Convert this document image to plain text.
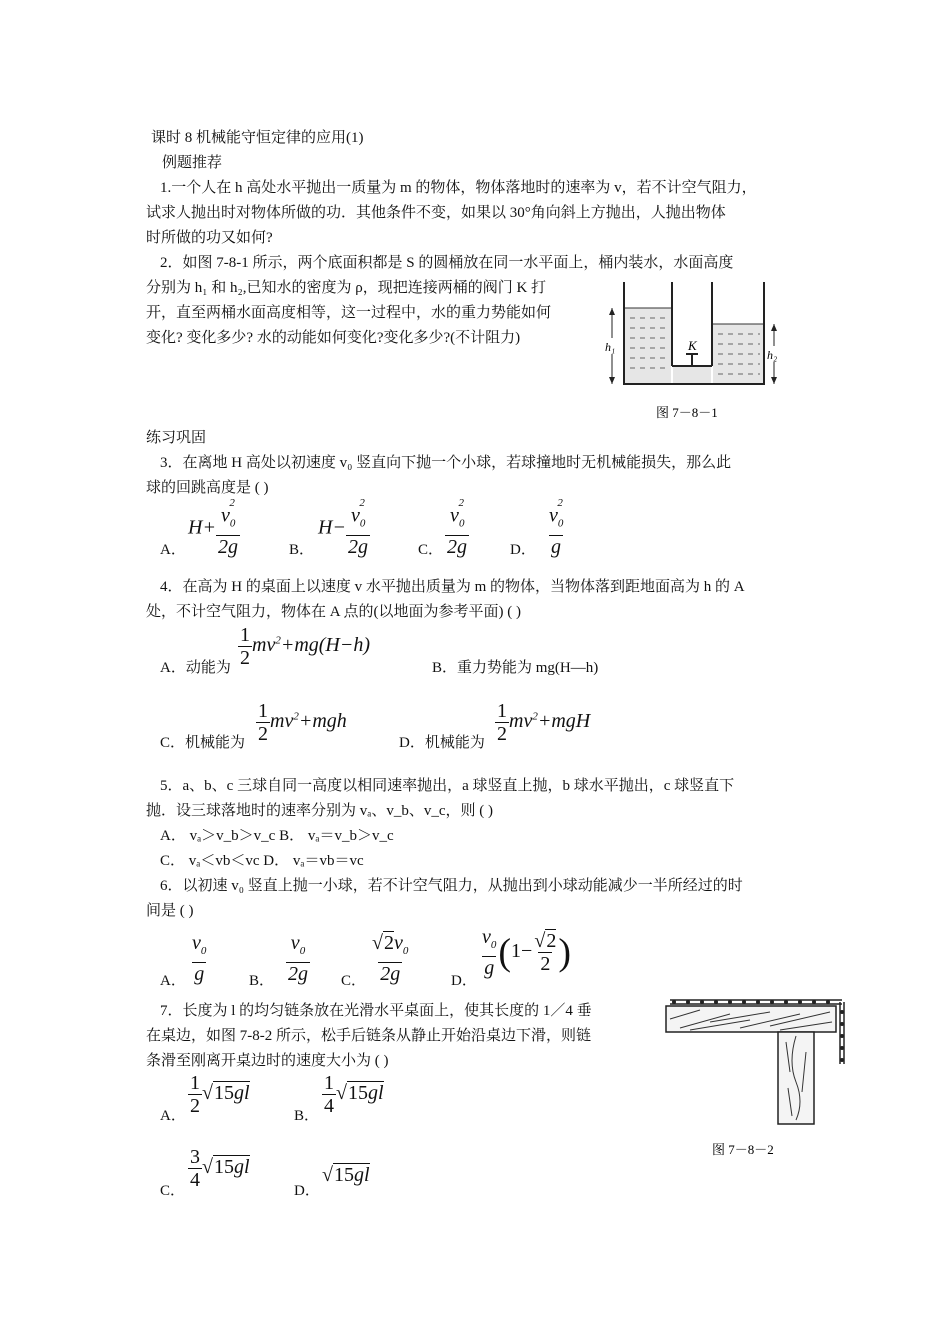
课时 8 机械能守恒定律的应用(1)
例题推荐
1.一个人在 h 高处水平抛出一质量为 m 的物体，物体落地时的速率为 v，若不计空气阻力，
试求人抛出时对物体所做的功．其他条件不变，如果以 30°角向斜上方抛出，人抛出物体
时所做的功又如何?
2．如图 7-8-1 所示，两个底面积都是 S 的圆桶放在同一水平面上，桶内装水，水面高度
分别为 h₁ 和 h₂,已知水的密度为 ρ，现把连接两桶的阀门 K 打
开，直至两桶水面高度相等，这一过程中，水的重力势能如何
变化? 变化多少? 水的动能如何变化?变化多少?(不计阻力)	K
h₁
h₂
图 7－8－1
练习巩固
3．在离地 H 高处以初速度 v₀ 竖直向下抛一个小球，若球撞地时无机械能损失，那么此
球的回跳高度是 ( )
A．
$H+ \frac{v_0^2}{2g}$	B．
$H- \frac{v_0^2}{2g}$	C． $\frac{v_0^2}{2g}$	D． $\frac{v_0^2}{g}$
4．在高为 H 的桌面上以速度 v 水平抛出质量为 m 的物体，当物体落到距地面高为 h 的 A
处，不计空气阻力，物体在 A 点的(以地面为参考平面) ( )
A．动能为 $\frac{1}{2} mv^2+mg(H-h)$
B．重力势能为 mg(H—h)
C．机械能为 $\frac{1}{2} mv^2+mgh$
D．机械能为 $\frac{1}{2} mv^2+mgH$
5．a、b、c 三球自同一高度以相同速率抛出，a 球竖直上抛，b 球水平抛出，c 球竖直下
抛．设三球落地时的速率分别为 vₐ、v_b、v_c，则 ( )
A． vₐ＞v_b＞v_c B． vₐ＝v_b＞v_c
C． vₐ＜vb＜vc D． vₐ＝vb＝vc
6．以初速 v₀ 竖直上抛一小球，若不计空气阻力，从抛出到小球动能减少一半所经过的时
间是 ( )
A． $\frac{v_0}{g}$	B． $\frac{v_0}{2g}$ C． $\frac{√2v_0}{2g}$	D．
$\frac{v_0}{g} (1- \frac{√2}{2}$ )
7．长度为 l 的均匀链条放在光滑水平桌面上，使其长度的 1／4 垂
在桌边，如图 7-8-2 所示，松手后链条从静止开始沿桌边下滑，则链
条滑至刚离开桌边时的速度大小为 ( )
A． $\frac{1}{2} √15gl$
B． $\frac{1}{4} √15gl$
C． $\frac{3}{4} √15gl$
D．
√15gl
图 7－8－2
